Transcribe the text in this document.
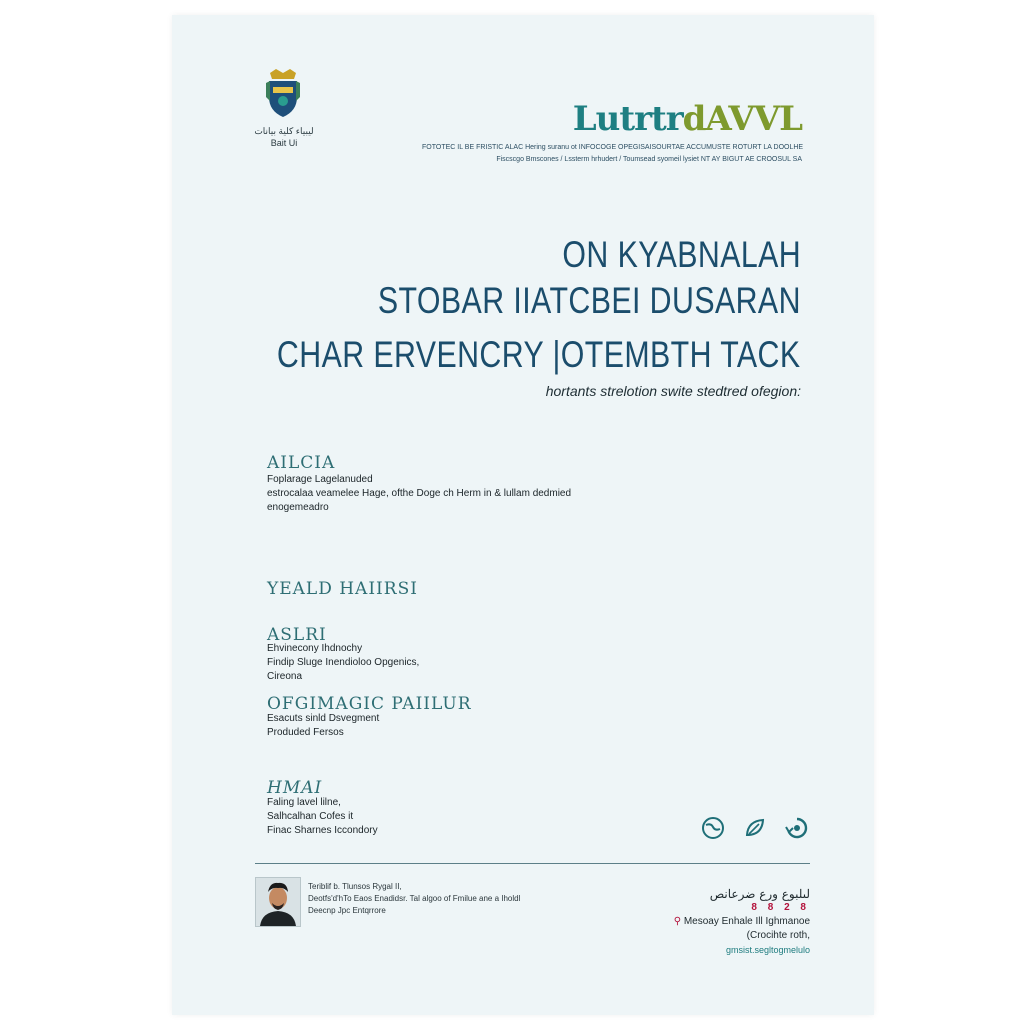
ليبياء كلية بيانات
Bait Ui
LutrtrdAVVL
FOTOTEC IL BE FRISTIC ALAC Hering suranu ot INFOCOGE OPEGISAISOURTAE ACCUMUSTE ROTURT LA DOOLHE
Fiscscgo Bmscones / Lssterm hrhudert / Toumsead syomeil lysiet NT AY BIGUT AE CROOSUL SA
ON KYABNALAH
STOBAR IIATCBEI DUSARAN
CHAR ERVENCRY |OTEMBTH TACK
hortants strelotion swite stedtred ofegion:
AILCIA
Foplarage Lagelanuded
estrocalaa veamelee Hage, ofthe Doge ch Herm in & lullam dedmied
enogemeadro
YEALD HAIIRSI
ASLRI
Ehvinecony Ihdnochy
Findip Sluge Inendioloo Opgenics,
Cireona
OFGIMAGIC PAIILUR
Esacuts sinld Dsvegment
Produded Fersos
HMAI
Faling lavel lilne,
Salhcalhan Cofes it
Finac Sharnes Iccondory
Teriblif b. Tlunsos Rygal II,
Deotfs'd'hTo Eaos Enadidsr. Tal algoo of Fmilue ane a Iholdl
Deecnp Jpc Entqrrore
لىلبوع ورع ضرعانص
8 8 2 8
⚲ Mesoay Enhale Ill Ighmanoe
(Crocihte roth,
gmsist.segltogmelulo
